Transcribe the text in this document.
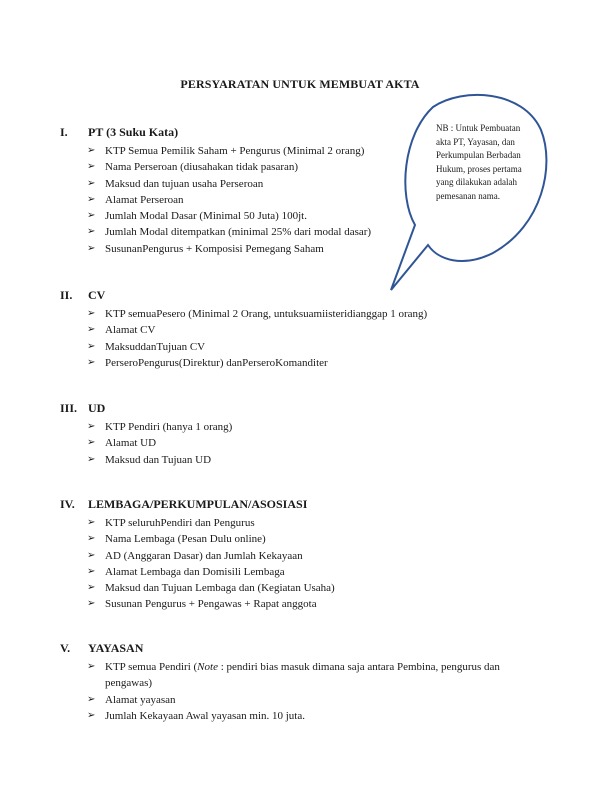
PERSYARATAN UNTUK MEMBUAT AKTA
NB : Untuk Pembuatan
akta PT, Yayasan, dan
Perkumpulan Berbadan
Hukum, proses pertama
yang dilakukan adalah
pemesanan nama.
I. PT (3 Suku Kata)
➢ KTP Semua Pemilik Saham + Pengurus (Minimal 2 orang)
➢ Nama Perseroan (diusahakan tidak pasaran)
➢ Maksud dan tujuan usaha Perseroan
➢ Alamat Perseroan
➢ Jumlah Modal Dasar (Minimal 50 Juta) 100jt.
➢ Jumlah Modal ditempatkan (minimal 25% dari modal dasar)
➢ SusunanPengurus + Komposisi Pemegang Saham
II. CV
➢ KTP semuaPesero (Minimal 2 Orang, untuksuamiisteridianggap 1 orang)
➢ Alamat CV
➢ MaksuddanTujuan CV
➢ PerseroPengurus(Direktur) danPerseroKomanditer
III. UD
➢ KTP Pendiri (hanya 1 orang)
➢ Alamat UD
➢ Maksud dan Tujuan UD
IV. LEMBAGA/PERKUMPULAN/ASOSIASI
➢ KTP seluruhPendiri dan Pengurus
➢ Nama Lembaga (Pesan Dulu online)
➢ AD (Anggaran Dasar) dan Jumlah Kekayaan
➢ Alamat Lembaga dan Domisili Lembaga
➢ Maksud dan Tujuan Lembaga dan (Kegiatan Usaha)
➢ Susunan Pengurus + Pengawas + Rapat anggota
V. YAYASAN
➢ KTP semua Pendiri (Note : pendiri bias masuk dimana saja antara Pembina, pengurus dan pengawas)
➢ Alamat yayasan
➢ Jumlah Kekayaan Awal yayasan min. 10 juta.
